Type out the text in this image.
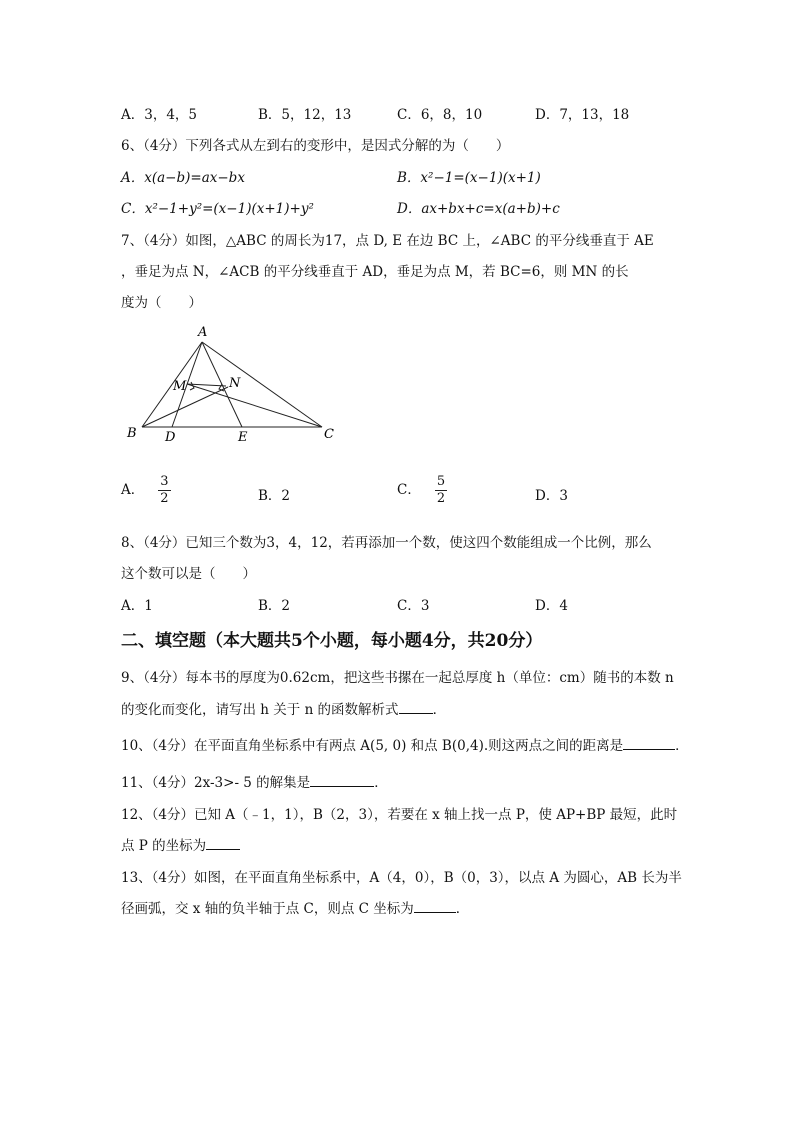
A．3，4，5	B．5，12，13	C．6，8，10	D．7，13，18
6、（4分）下列各式从左到右的变形中，是因式分解的为（　　）
A．x(a−b)=ax−bx	B．x²−1=(x−1)(x+1)
C．x²−1+y²=(x−1)(x+1)+y²	D．ax+bx+c=x(a+b)+c
7、（4分）如图，△ABC 的周长为17，点 D, E 在边 BC 上，∠ABC 的平分线垂直于 AE
，垂足为点 N，∠ACB 的平分线垂直于 AD，垂足为点 M，若 BC=6，则 MN 的长
度为（　　）
A
B	C
D	E
M	N
A． $\frac{3}{2}$	B．2	C． $\frac{5}{2}$	D．3
8、（4分）已知三个数为3，4，12，若再添加一个数，使这四个数能组成一个比例，那么
这个数可以是（　　）
A．1	B．2	C．3	D．4
二、填空题（本大题共5个小题，每小题4分，共20分）
9、（4分）每本书的厚度为0.62cm，把这些书摞在一起总厚度 h（单位：cm）随书的本数 n
的变化而变化，请写出 h 关于 n 的函数解析式	．
10、（4分）在平面直角坐标系中有两点 A(5, 0) 和点 B(0,4).则这两点之间的距离是	．
11、（4分）2x-3>- 5 的解集是	．
12、（4分）已知 A（﹣1，1），B（2，3），若要在 x 轴上找一点 P，使 AP+BP 最短，此时
点 P 的坐标为
13、（4分）如图，在平面直角坐标系中，A（4，0），B（0，3），以点 A 为圆心，AB 长为半
径画弧，交 x 轴的负半轴于点 C，则点 C 坐标为	．
